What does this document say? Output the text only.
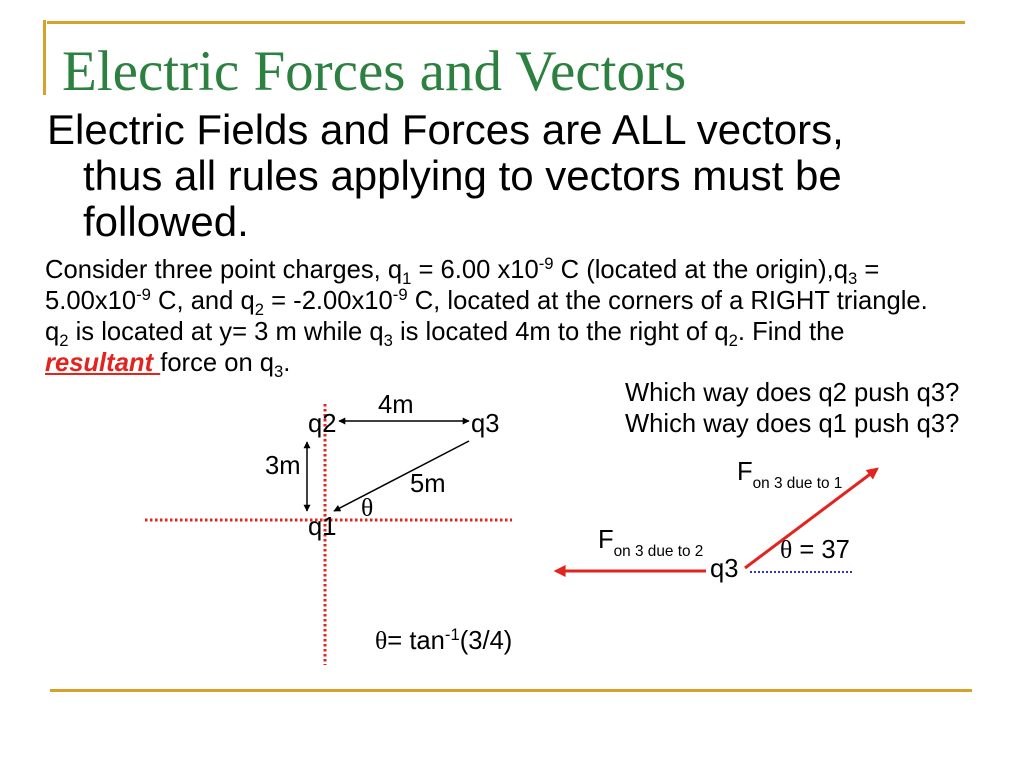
Electric Forces and Vectors
Electric Fields and Forces are ALL vectors,
thus all rules applying to vectors must be
followed.
Consider three point charges, $q_1 = 6.00$ $x10^{-9}$ C (located at the $origin),q_3$ =
$5.00x10^{-9}$ C, and $q_2 = -2.00x10^{-9}$ C, located at the corners of a RIGHT triangle.
$q_2$ is located at y= 3 m while $q_3$ is located 4m to the right of $q_2$. Find the
resultant force on $q_3$.
Which way does q2 push q3?
Which way does q1 push q3?
4m
q2	q3
3m
5m
θ
q1
$\theta= \tan^{-1}(3/4)$
$F_{on 3 due to 1}$
$F_{on 3 due to 2}$	θ = 37
q3
